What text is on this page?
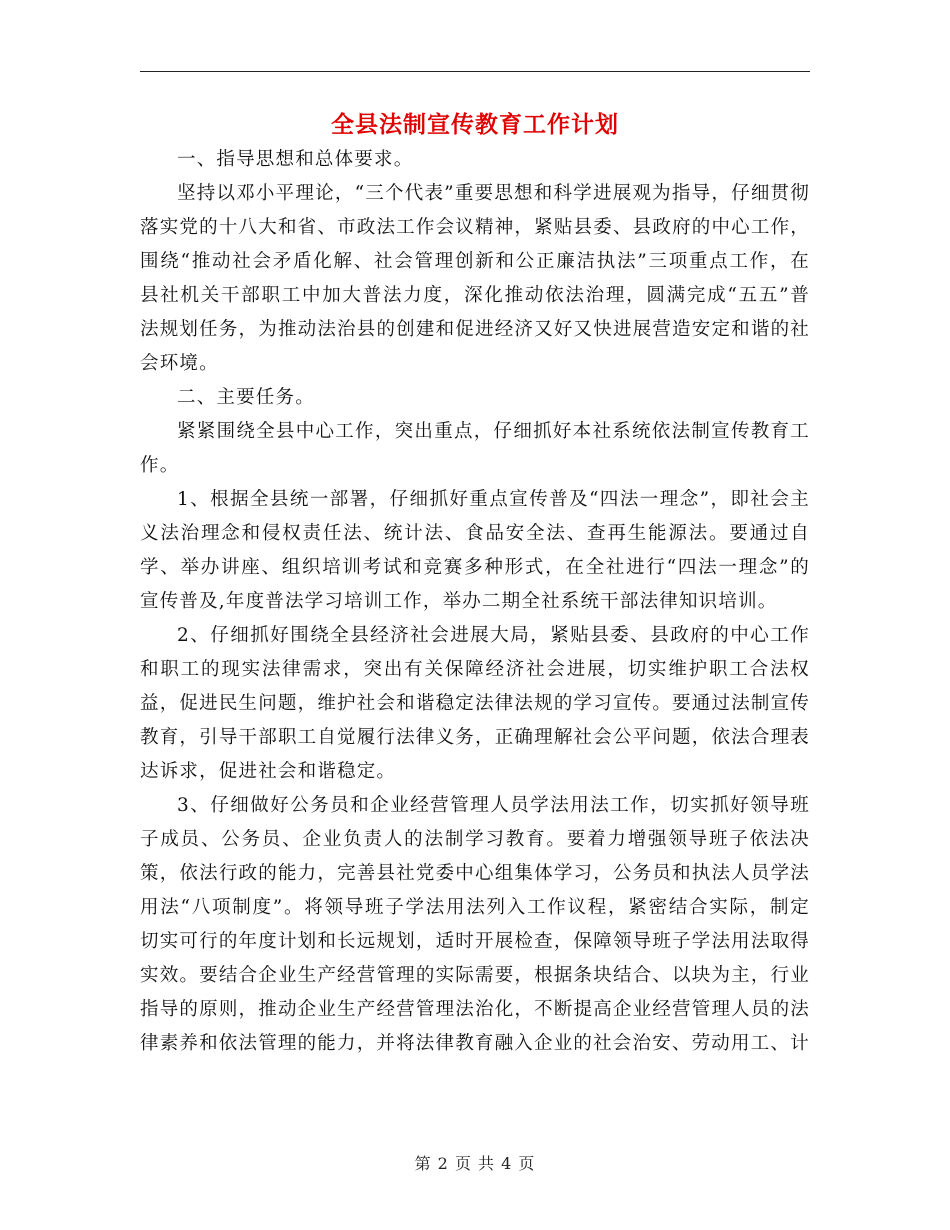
全县法制宣传教育工作计划

一、指导思想和总体要求。

坚持以邓小平理论，“三个代表”重要思想和科学进展观为指导，仔细贯彻落实党的十八大和省、市政法工作会议精神，紧贴县委、县政府的中心工作，围绕“推动社会矛盾化解、社会管理创新和公正廉洁执法”三项重点工作，在县社机关干部职工中加大普法力度，深化推动依法治理，圆满完成“五五”普法规划任务，为推动法治县的创建和促进经济又好又快进展营造安定和谐的社会环境。

二、主要任务。

紧紧围绕全县中心工作，突出重点，仔细抓好本社系统依法制宣传教育工作。

1、根据全县统一部署，仔细抓好重点宣传普及“四法一理念”，即社会主义法治理念和侵权责任法、统计法、食品安全法、查再生能源法。要通过自学、举办讲座、组织培训考试和竞赛多种形式，在全社进行“四法一理念”的宣传普及,年度普法学习培训工作，举办二期全社系统干部法律知识培训。

2、仔细抓好围绕全县经济社会进展大局，紧贴县委、县政府的中心工作和职工的现实法律需求，突出有关保障经济社会进展，切实维护职工合法权益，促进民生问题，维护社会和谐稳定法律法规的学习宣传。要通过法制宣传教育，引导干部职工自觉履行法律义务，正确理解社会公平问题，依法合理表达诉求，促进社会和谐稳定。

3、仔细做好公务员和企业经营管理人员学法用法工作，切实抓好领导班子成员、公务员、企业负责人的法制学习教育。要着力增强领导班子依法决策，依法行政的能力，完善县社党委中心组集体学习，公务员和执法人员学法用法“八项制度”。将领导班子学法用法列入工作议程，紧密结合实际，制定切实可行的年度计划和长远规划，适时开展检查，保障领导班子学法用法取得实效。要结合企业生产经营管理的实际需要，根据条块结合、以块为主，行业指导的原则，推动企业生产经营管理法治化，不断提高企业经营管理人员的法律素养和依法管理的能力，并将法律教育融入企业的社会治安、劳动用工、计

第 2 页 共 4 页
